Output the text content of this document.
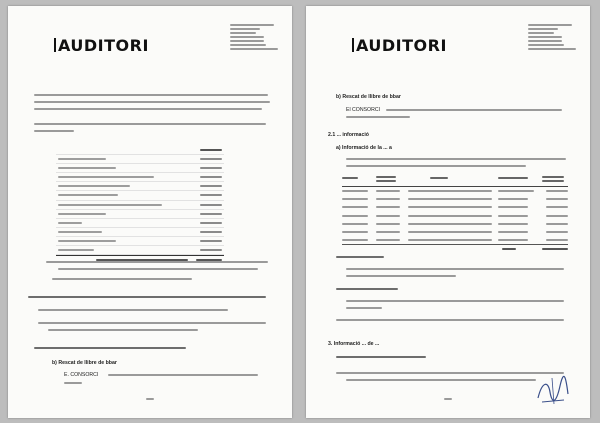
AUDITORI
b) Rescat de llibre de bbar
E. CONSORCI
AUDITORI
b) Rescat de llibre de bbar
El CONSORCI
2.1 ... informació
a) Informació de la ... a
3. Informació ... de ...
